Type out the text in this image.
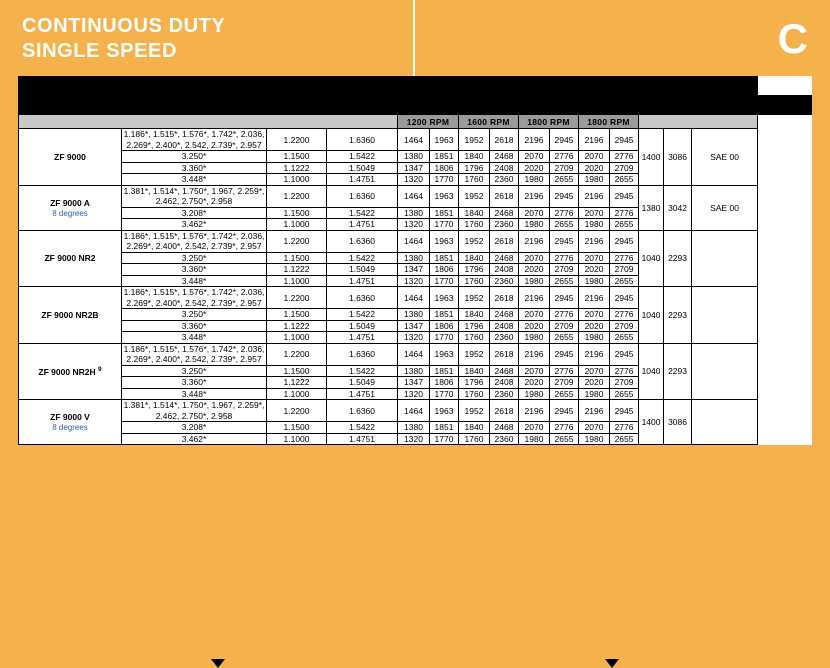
CONTINUOUS DUTY
SINGLE SPEED	C
PRODUCT	RATIOS	POWER FACTOR		INPUT POWER CAPACITY						MAX. KW/ HP/RPM		WEIGHT		BELL HSGS. & NOTES		
		KW/RPM	HP/RPM	KW	HP	KW	HP	KW	HP			KW	HP		KG	LB
				1200 RPM		1600 RPM		1800 RPM		1800 RPM						
ZF 9000	1.186*, 1.515*, 1.576*, 1.742*, 2.036, 2.269*, 2.400*, 2.542, 2.739*, 2.957	1.2200	1.6360	1464	1963	1952	2618	2196	2945	2196	2945	1400	3086	SAE 00		
	3.250*	1.1500	1.5422	1380	1851	1840	2468	2070	2776	2070	2776					
	3.360*	1.1222	1.5049	1347	1806	1796	2408	2020	2709	2020	2709					
	3.448*	1.1000	1.4751	1320	1770	1760	2360	1980	2655	1980	2655					
ZF 9000 A
8 degrees	1.381*, 1.514*, 1.750*, 1.967, 2.259*, 2.462, 2.750*, 2.958	1.2200	1.6360	1464	1963	1952	2618	2196	2945	2196	2945	1380	3042	SAE 00		
	3.208*	1.1500	1.5422	1380	1851	1840	2468	2070	2776	2070	2776					
	3.462*	1.1000	1.4751	1320	1770	1760	2360	1980	2655	1980	2655					
ZF 9000 NR2	1.186*, 1.515*, 1.576*, 1.742*, 2.036, 2.269*, 2.400*, 2.542, 2.739*, 2.957	1.2200	1.6360	1464	1963	1952	2618	2196	2945	2196	2945	1040	2293			
	3.250*	1.1500	1.5422	1380	1851	1840	2468	2070	2776	2070	2776					
	3.360*	1.1222	1.5049	1347	1806	1796	2408	2020	2709	2020	2709					
	3.448*	1.1000	1.4751	1320	1770	1760	2360	1980	2655	1980	2655					
ZF 9000 NR2B	1.186*, 1.515*, 1.576*, 1.742*, 2.036, 2.269*, 2.400*, 2.542, 2.739*, 2.957	1.2200	1.6360	1464	1963	1952	2618	2196	2945	2196	2945	1040	2293			
	3.250*	1.1500	1.5422	1380	1851	1840	2468	2070	2776	2070	2776					
	3.360*	1.1222	1.5049	1347	1806	1796	2408	2020	2709	2020	2709					
	3.448*	1.1000	1.4751	1320	1770	1760	2360	1980	2655	1980	2655					
ZF 9000 NR2H $^9$	1.186*, 1.515*, 1.576*, 1.742*, 2.036, 2.269*, 2.400*, 2.542, 2.739*, 2.957	1.2200	1.6360	1464	1963	1952	2618	2196	2945	2196	2945	1040	2293			
	3.250*	1.1500	1.5422	1380	1851	1840	2468	2070	2776	2070	2776					
	3.360*	1.1222	1.5049	1347	1806	1796	2408	2020	2709	2020	2709					
	3.448*	1.1000	1.4751	1320	1770	1760	2360	1980	2655	1980	2655					
ZF 9000 V
8 degrees	1.381*, 1.514*, 1.750*, 1.967, 2.259*, 2.462, 2.750*, 2.958	1.2200	1.6360	1464	1963	1952	2618	2196	2945	2196	2945	1400	3086			
	3.208*	1.1500	1.5422	1380	1851	1840	2468	2070	2776	2070	2776					
	3.462*	1.1000	1.4751	1320	1770	1760	2360	1980	2655	1980	2655					
